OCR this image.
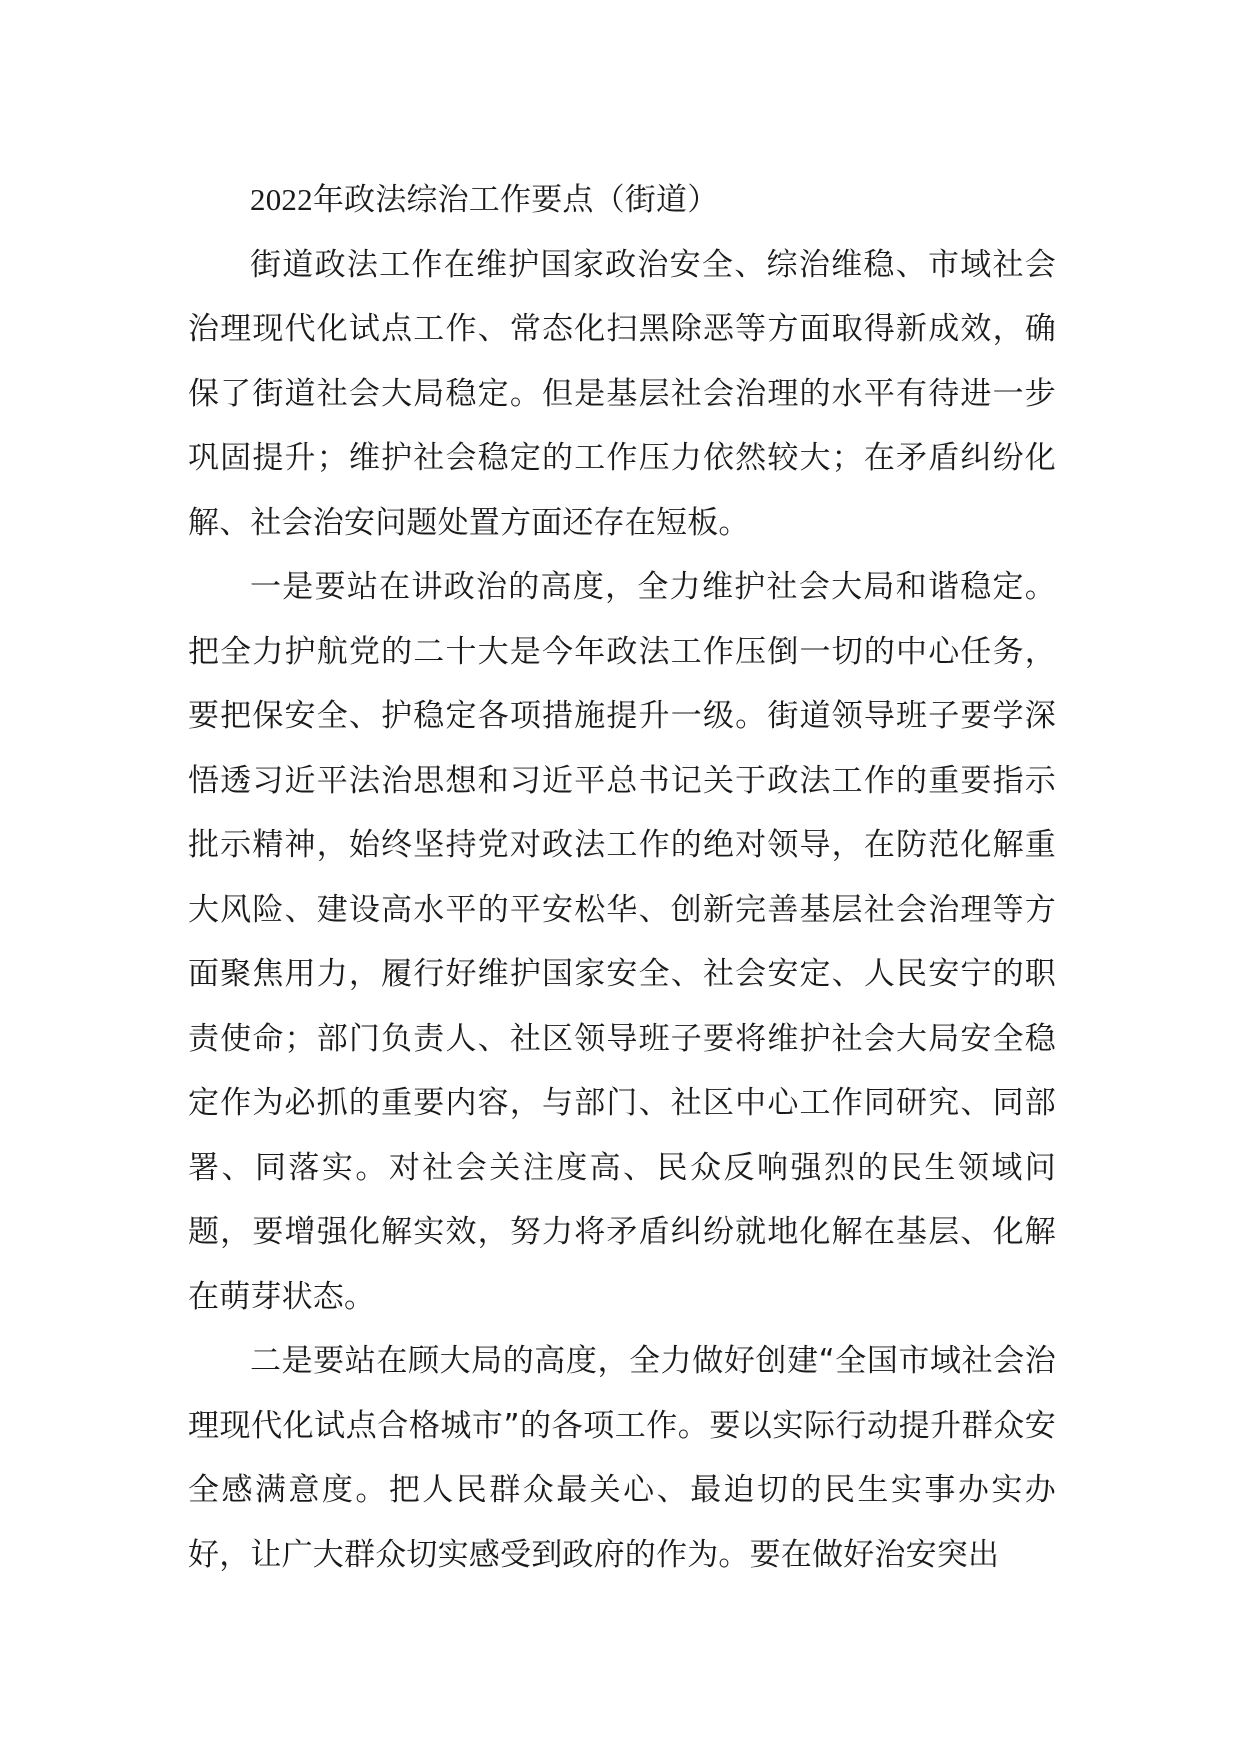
2022年政法综治工作要点（街道）

街道政法工作在维护国家政治安全、综治维稳、市域社会治理现代化试点工作、常态化扫黑除恶等方面取得新成效，确保了街道社会大局稳定。但是基层社会治理的水平有待进一步巩固提升；维护社会稳定的工作压力依然较大；在矛盾纠纷化解、社会治安问题处置方面还存在短板。

一是要站在讲政治的高度，全力维护社会大局和谐稳定。把全力护航党的二十大是今年政法工作压倒一切的中心任务，要把保安全、护稳定各项措施提升一级。街道领导班子要学深悟透习近平法治思想和习近平总书记关于政法工作的重要指示批示精神，始终坚持党对政法工作的绝对领导，在防范化解重大风险、建设高水平的平安松华、创新完善基层社会治理等方面聚焦用力，履行好维护国家安全、社会安定、人民安宁的职责使命；部门负责人、社区领导班子要将维护社会大局安全稳定作为必抓的重要内容，与部门、社区中心工作同研究、同部署、同落实。对社会关注度高、民众反响强烈的民生领域问题，要增强化解实效，努力将矛盾纠纷就地化解在基层、化解在萌芽状态。

二是要站在顾大局的高度，全力做好创建“全国市域社会治理现代化试点合格城市”的各项工作。要以实际行动提升群众安全感满意度。把人民群众最关心、最迫切的民生实事办实办好，让广大群众切实感受到政府的作为。要在做好治安突出
